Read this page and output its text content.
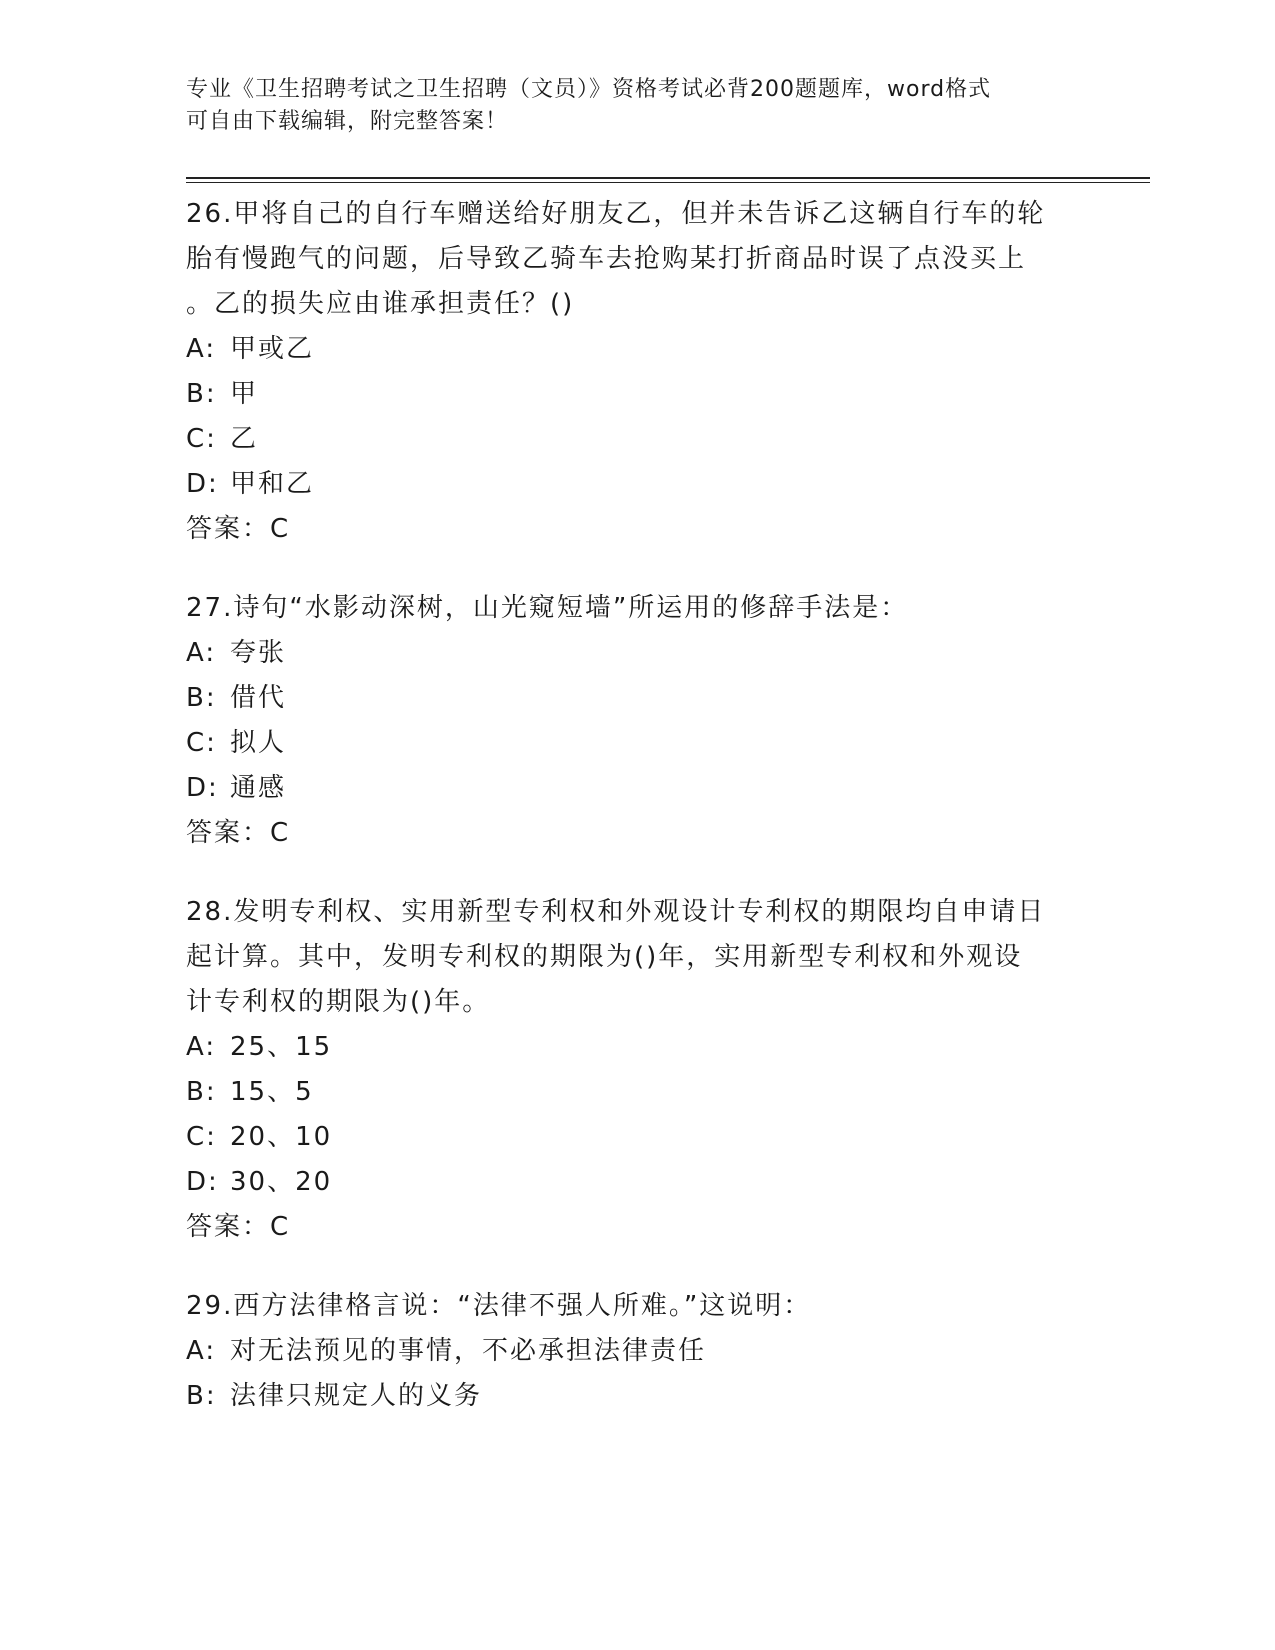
专业《卫生招聘考试之卫生招聘（文员）》资格考试必背200题题库，word格式
可自由下载编辑，附完整答案！
26.甲将自己的自行车赠送给好朋友乙，但并未告诉乙这辆自行车的轮
胎有慢跑气的问题，后导致乙骑车去抢购某打折商品时误了点没买上
。乙的损失应由谁承担责任？()
A: 甲或乙
B: 甲
C: 乙
D: 甲和乙
答案：C
27.诗句“水影动深树，山光窥短墙”所运用的修辞手法是：
A: 夸张
B: 借代
C: 拟人
D: 通感
答案：C
28.发明专利权、实用新型专利权和外观设计专利权的期限均自申请日
起计算。其中，发明专利权的期限为()年，实用新型专利权和外观设
计专利权的期限为()年。
A: 25、15
B: 15、5
C: 20、10
D: 30、20
答案：C
29.西方法律格言说：“法律不强人所难。”这说明：
A: 对无法预见的事情，不必承担法律责任
B: 法律只规定人的义务
